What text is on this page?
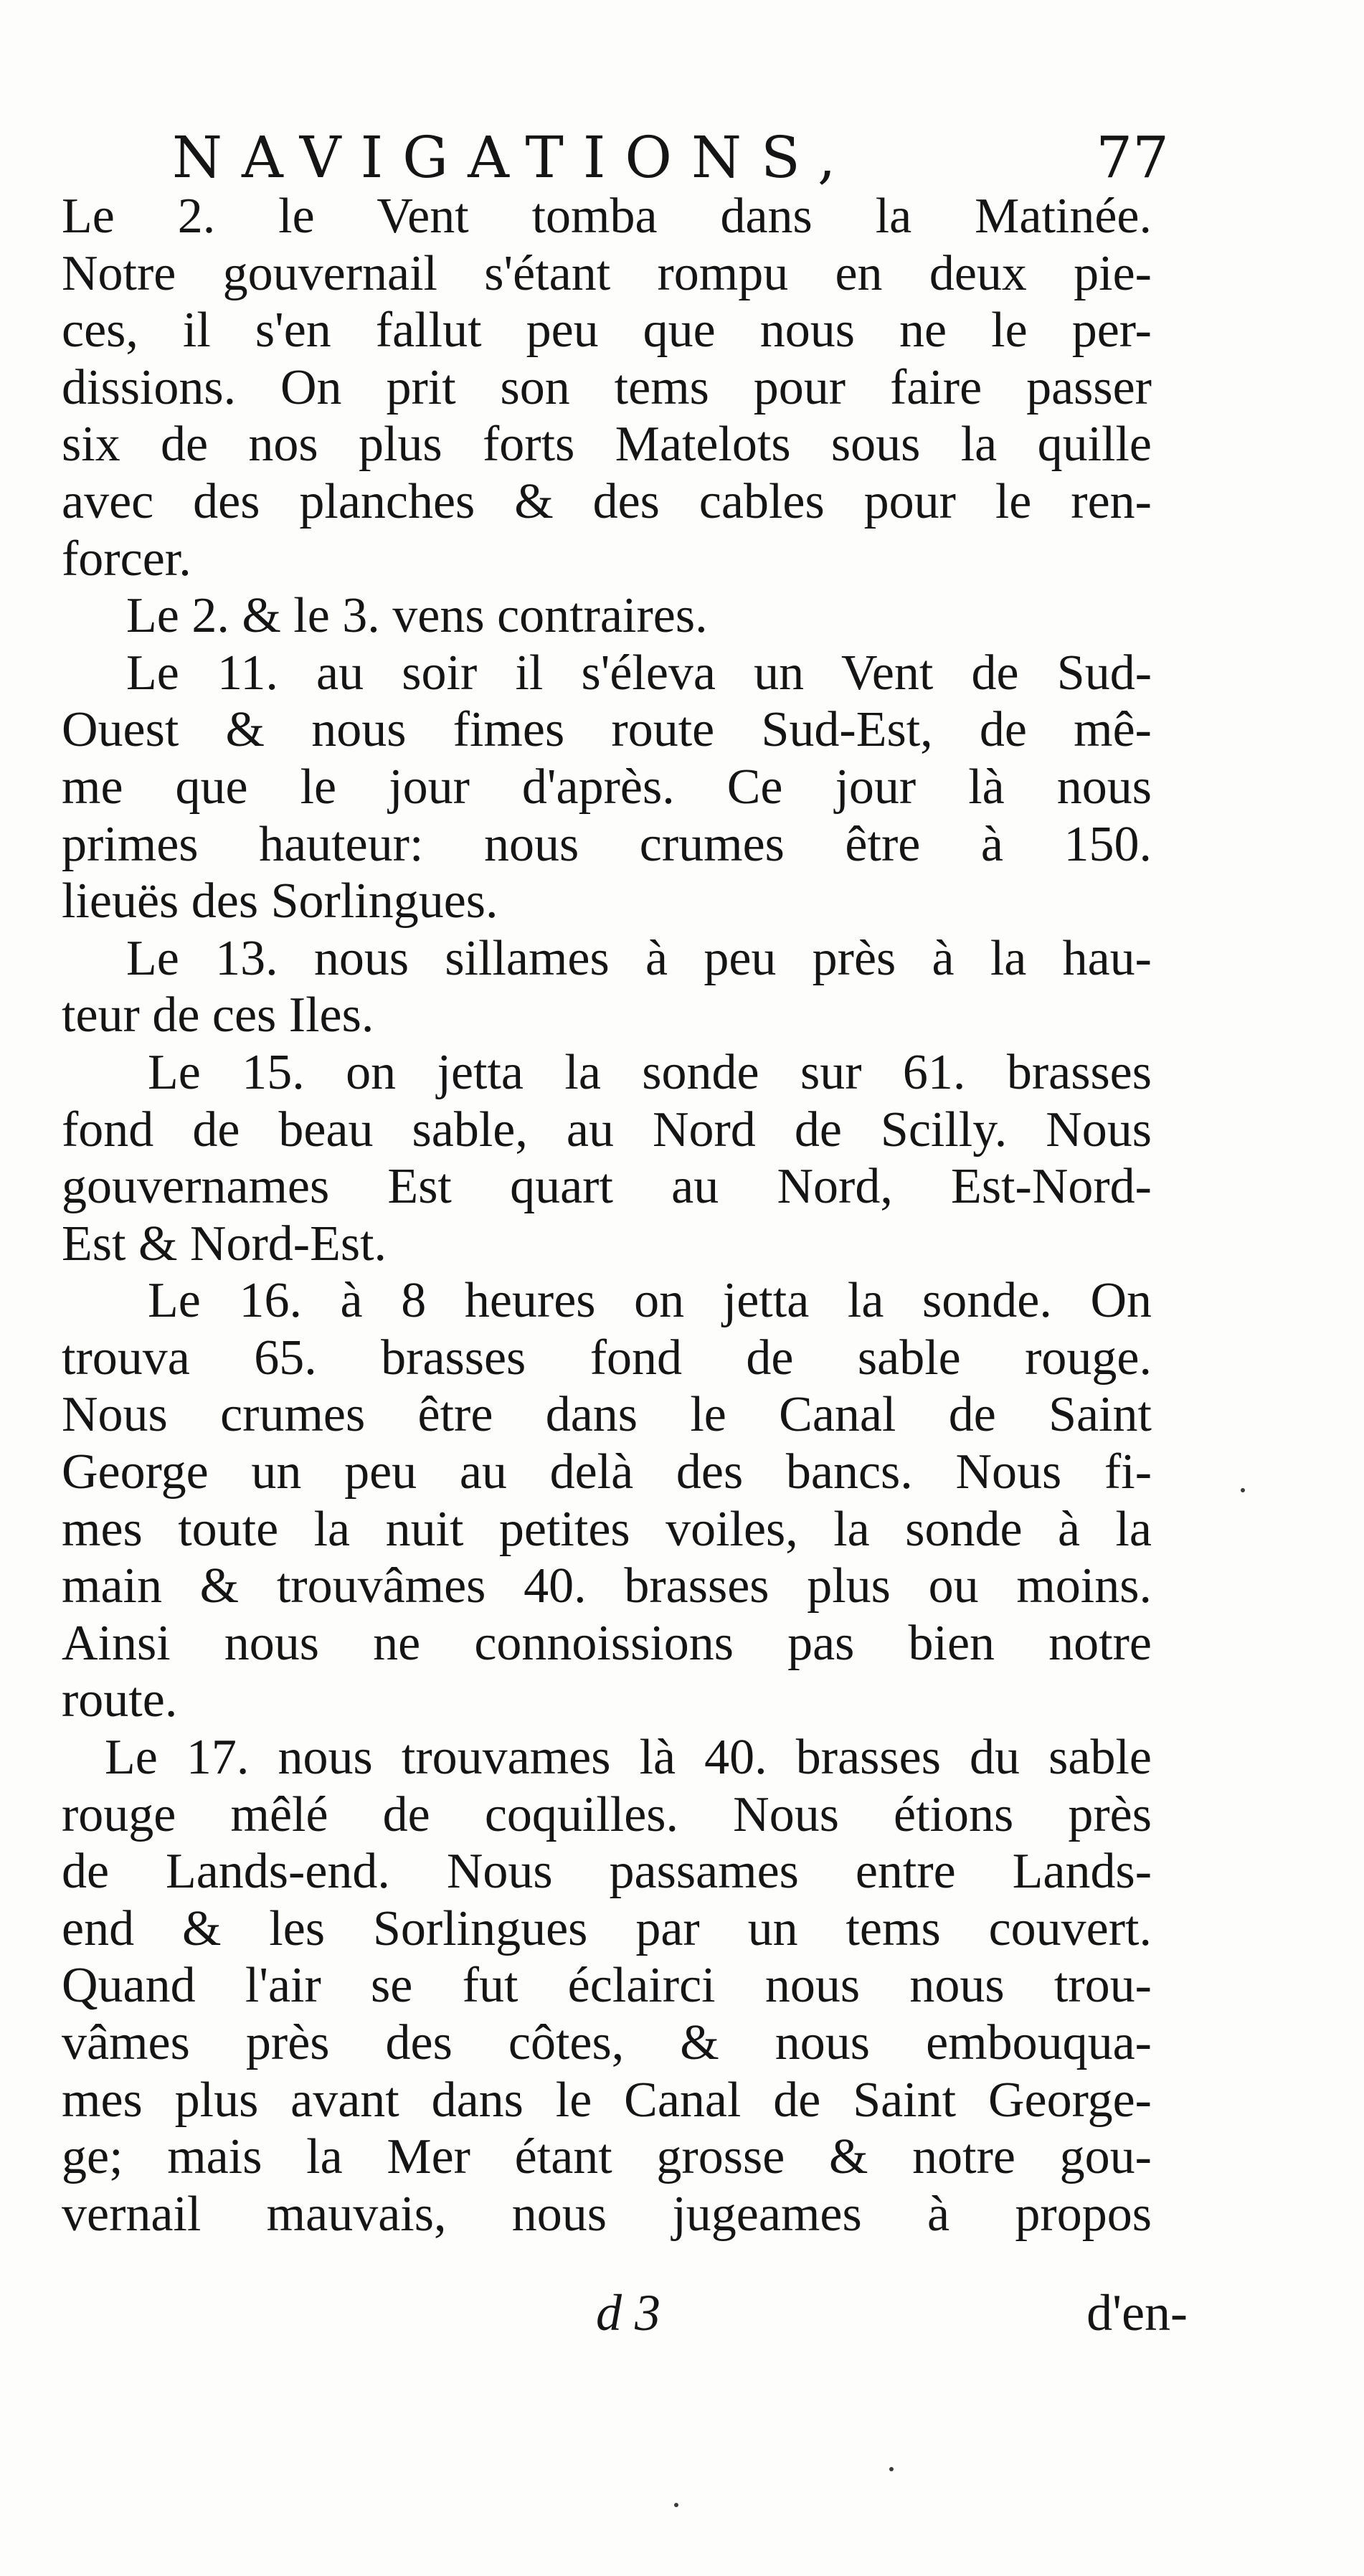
NAVIGATIONS,	77
Le 2. le Vent tomba dans la Matinée.
Notre gouvernail s'étant rompu en deux pie-
ces, il s'en fallut peu que nous ne le per-
dissions. On prit son tems pour faire passer
six de nos plus forts Matelots sous la quille
avec des planches & des cables pour le ren-
forcer.
Le 2. & le 3. vens contraires.
Le 11. au soir il s'éleva un Vent de Sud-
Ouest & nous fimes route Sud-Est, de mê-
me que le jour d'après. Ce jour là nous
primes hauteur: nous crumes être à 150.
lieuës des Sorlingues.
Le 13. nous sillames à peu près à la hau-
teur de ces Iles.
Le 15. on jetta la sonde sur 61. brasses
fond de beau sable, au Nord de Scilly. Nous
gouvernames Est quart au Nord, Est-Nord-
Est & Nord-Est.
Le 16. à 8 heures on jetta la sonde. On
trouva 65. brasses fond de sable rouge.
Nous crumes être dans le Canal de Saint
George un peu au delà des bancs. Nous fi-
mes toute la nuit petites voiles, la sonde à la
main & trouvâmes 40. brasses plus ou moins.
Ainsi nous ne connoissions pas bien notre
route.
Le 17. nous trouvames là 40. brasses du sable
rouge mêlé de coquilles. Nous étions près
de Lands-end. Nous passames entre Lands-
end & les Sorlingues par un tems couvert.
Quand l'air se fut éclairci nous nous trou-
vâmes près des côtes, & nous embouqua-
mes plus avant dans le Canal de Saint George-
ge; mais la Mer étant grosse & notre gou-
vernail mauvais, nous jugeames à propos
d 3	d'en-
